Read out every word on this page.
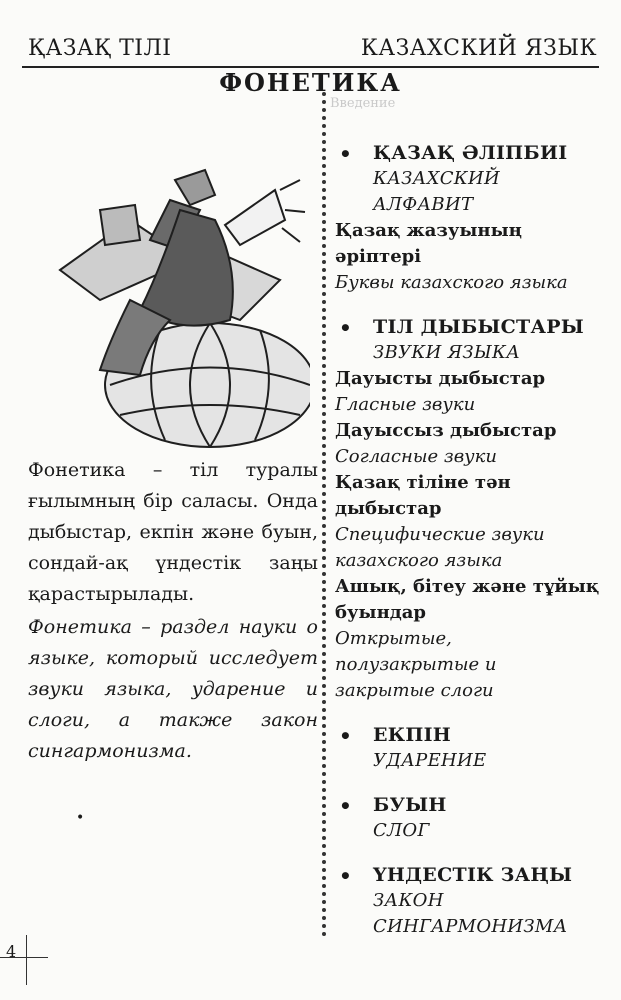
ҚАЗАҚ ТІЛІ	КАЗАХСКИЙ ЯЗЫК
ФОНЕТИКА
Введение
Фонетика – тіл туралы ғылымның бір саласы. Онда дыбыстар, екпін және буын, сондай-ақ үндестік заңы қарастырылады.
Фонетика – раздел науки о языке, который исследует звуки языка, ударение и слоги, а также закон сингармонизма.
•
• ҚАЗАҚ ӘЛІПБИІ
КАЗАХСКИЙ АЛФАВИТ
Қазақ жазуының әріптері
Буквы казахского языка
• ТІЛ ДЫБЫСТАРЫ
ЗВУКИ ЯЗЫКА
Дауысты дыбыстар
Гласные звуки
Дауыссыз дыбыстар
Согласные звуки
Қазақ тіліне тән дыбыстар
Специфические звуки казахского языка
Ашық, бітеу және тұйық буындар
Открытые, полузакрытые и закрытые слоги
• ЕКПІН
УДАРЕНИЕ
• БУЫН
СЛОГ
• ҮНДЕСТІК ЗАҢЫ
ЗАКОН СИНГАРМОНИЗМА
4
